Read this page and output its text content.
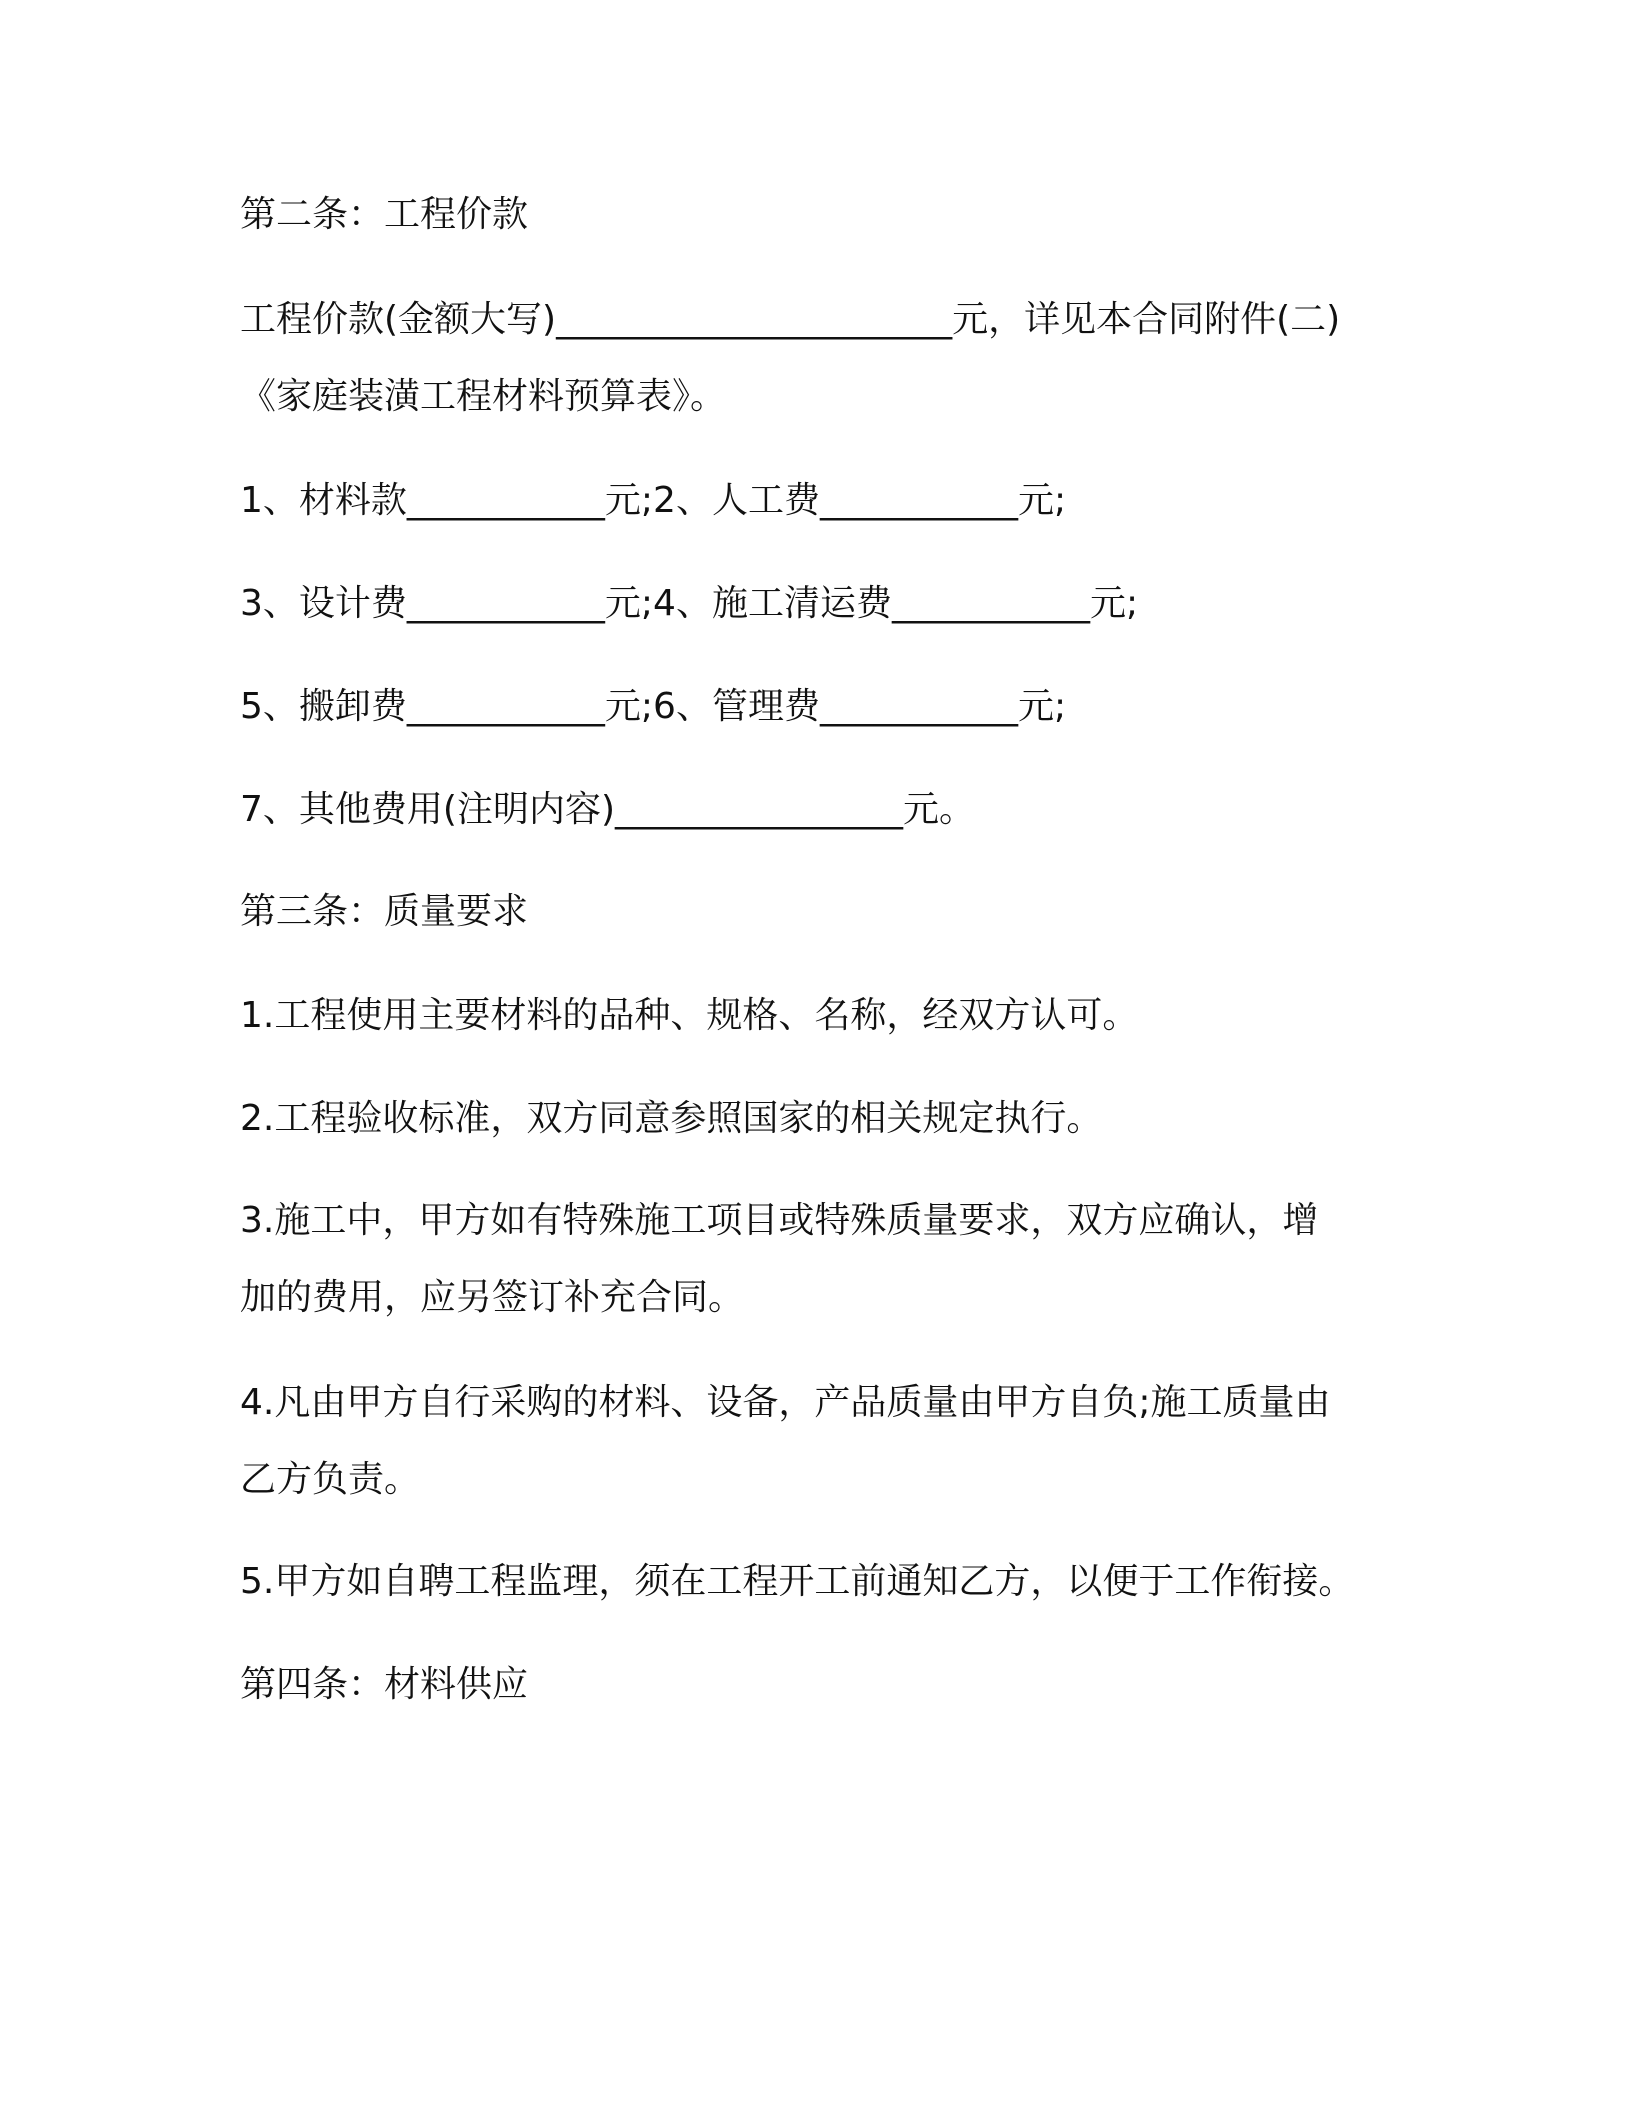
第二条：工程价款
工程价款(金额大写)______________________元，详见本合同附件(二)
《家庭装潢工程材料预算表》。
1、材料款___________元;2、人工费___________元;
3、设计费___________元;4、施工清运费___________元;
5、搬卸费___________元;6、管理费___________元;
7、其他费用(注明内容)________________元。
第三条：质量要求
1.工程使用主要材料的品种、规格、名称，经双方认可。
2.工程验收标准，双方同意参照国家的相关规定执行。
3.施工中，甲方如有特殊施工项目或特殊质量要求，双方应确认，增
加的费用，应另签订补充合同。
4.凡由甲方自行采购的材料、设备，产品质量由甲方自负;施工质量由
乙方负责。
5.甲方如自聘工程监理，须在工程开工前通知乙方，以便于工作衔接。
第四条：材料供应
